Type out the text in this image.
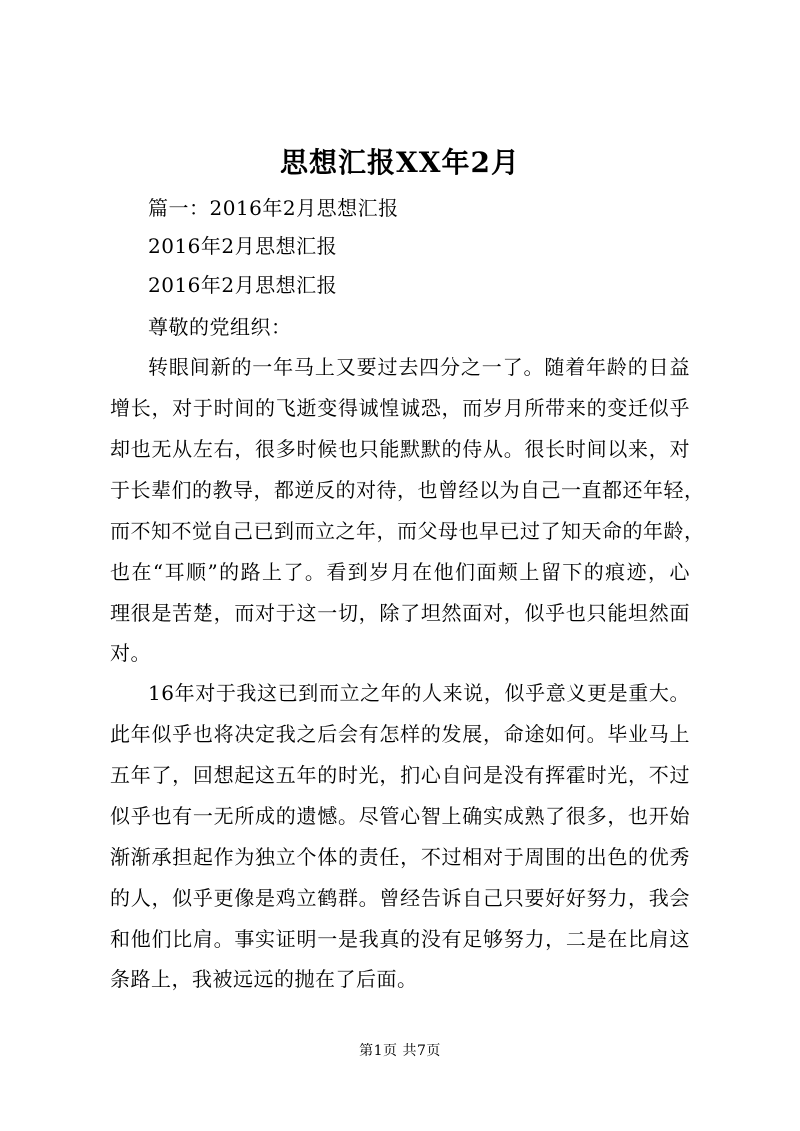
思想汇报XX年2月
篇一：2016年2月思想汇报
2016年2月思想汇报
2016年2月思想汇报
尊敬的党组织：
转眼间新的一年马上又要过去四分之一了。随着年龄的日益
增长，对于时间的飞逝变得诚惶诚恐，而岁月所带来的变迁似乎
却也无从左右，很多时候也只能默默的侍从。很长时间以来，对
于长辈们的教导，都逆反的对待，也曾经以为自己一直都还年轻，
而不知不觉自己已到而立之年，而父母也早已过了知天命的年龄，
也在“耳顺”的路上了。看到岁月在他们面颊上留下的痕迹，心
理很是苦楚，而对于这一切，除了坦然面对，似乎也只能坦然面
对。
16年对于我这已到而立之年的人来说，似乎意义更是重大。
此年似乎也将决定我之后会有怎样的发展，命途如何。毕业马上
五年了，回想起这五年的时光，扪心自问是没有挥霍时光，不过
似乎也有一无所成的遗憾。尽管心智上确实成熟了很多，也开始
渐渐承担起作为独立个体的责任，不过相对于周围的出色的优秀
的人，似乎更像是鸡立鹤群。曾经告诉自己只要好好努力，我会
和他们比肩。事实证明一是我真的没有足够努力，二是在比肩这
条路上，我被远远的抛在了后面。
第1页 共7页
